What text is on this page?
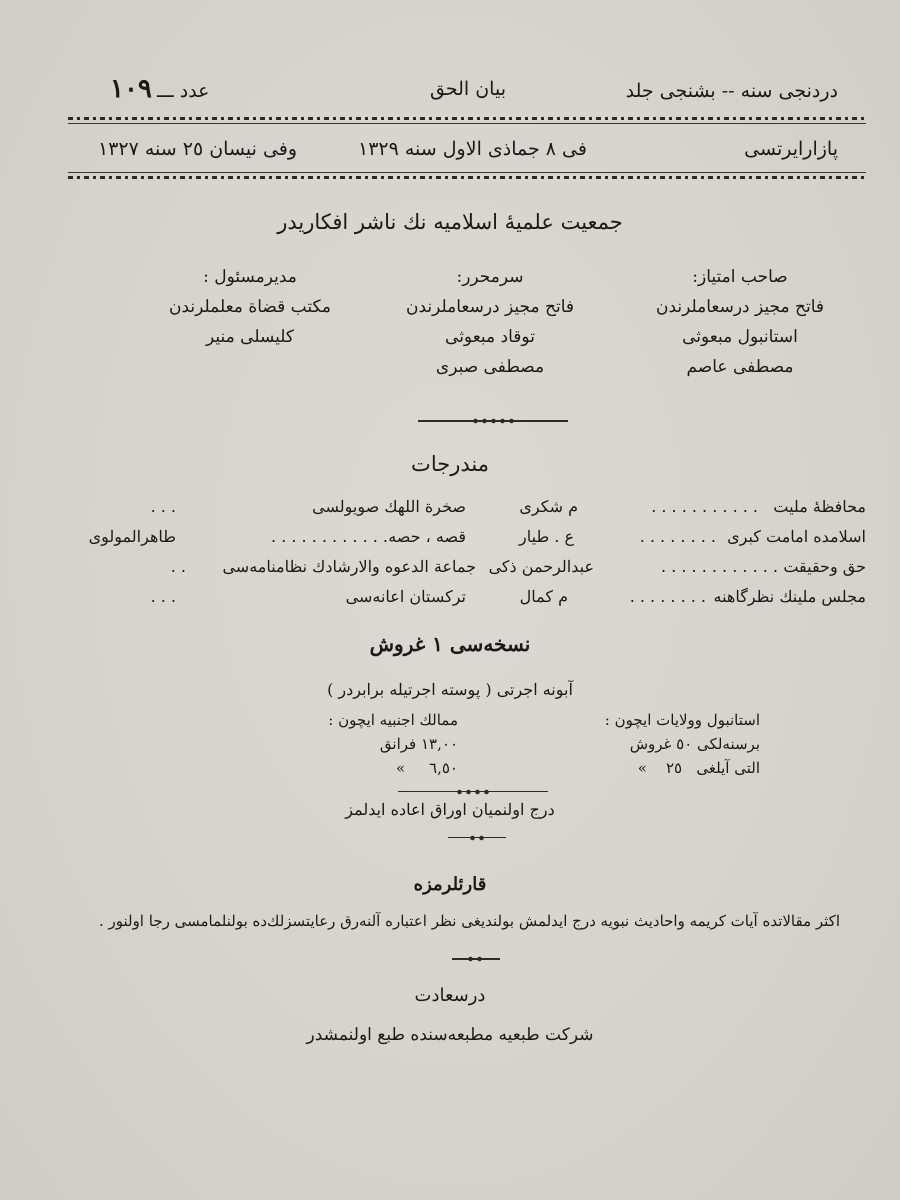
دردنجی سنه -- بشنجی جلد
بیان الحق
عدد ـــ ١٠٩
پازارایرتسی
فی ٨ جماذی الاول سنه ١٣٢٩
وفی نیسان ٢٥ سنه ١٣٢٧
جمعیت علمیهٔ اسلامیه نك ناشر افكاریدر
صاحب امتیاز:
فاتح مجیز درسعاملرندن
استانبول مبعوثی
مصطفی عاصم
سرمحرر:
فاتح مجیز درسعاملرندن
توقاد مبعوثی
مصطفی صبری
مدیرمسئول :
مکتب قضاة معلملرندن
کلیسلی منیر
مندرجات
محافظهٔ ملیت
. . . . . . . . . . .
م شکری
صخرة اللهك صویولسی
. . .
اسلامده امامت کبری
. . . . . . . .
ع . طیار
قصه ، حصه
. . . . . . . . . . . .
طاهرالمولوی
حق وحقیقت
. . . . . . . . . . . .
عبدالرحمن ذکی
جماعة الدعوه والارشادك نظامنامه‌سی
. .
مجلس ملینك نظرگاهنه
. . . . . . . .
م کمال
ترکستان اعانه‌سی
. . .
نسخه‌سی ١ غروش
آبونه اجرتی ( پوسته اجرتیله برابردر )
استانبول وولایات ایچون :
برسنه‌لکی ٥٠ غروش
التی آیلغی   ٢٥    »
ممالك اجنبیه ایچون :
١٣,٠٠ فرانق
٦,٥٠     »
درج اولنمیان اوراق اعاده ایدلمز
قارئلرمزه
اکثر مقالاتده آیات کریمه واحادیث نبویه درج ایدلمش بولندیغی نظر اعتباره آلنه‌رق رعایتسزلك‌ده بولنلمامسی رجا اولنور .
درسعادت
شرکت طبعیه مطبعه‌سنده طبع اولنمشدر
